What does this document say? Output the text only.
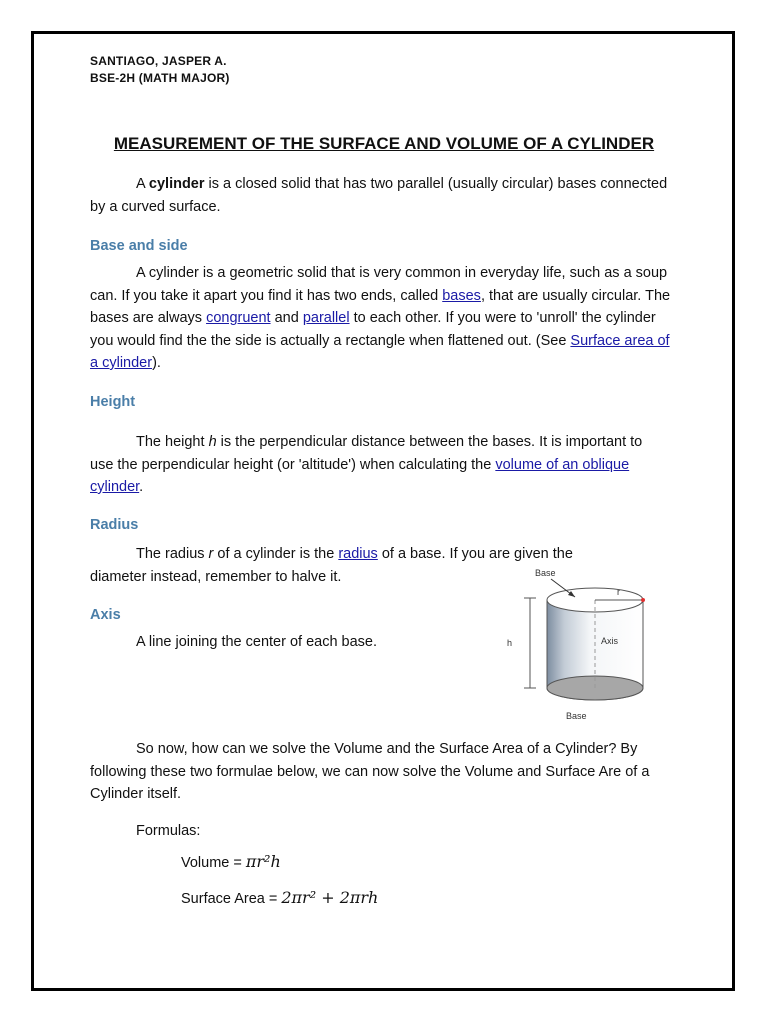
SANTIAGO, JASPER A.
BSE-2H (MATH MAJOR)
MEASUREMENT OF THE SURFACE AND VOLUME OF A CYLINDER

A cylinder is a closed solid that has two parallel (usually circular) bases connected by a curved surface.

Base and side

A cylinder is a geometric solid that is very common in everyday life, such as a soup can. If you take it apart you find it has two ends, called bases, that are usually circular. The bases are always congruent and parallel to each other. If you were to 'unroll' the cylinder you would find the the side is actually a rectangle when flattened out. (See Surface area of a cylinder).

Height

The height h is the perpendicular distance between the bases. It is important to use the perpendicular height (or 'altitude') when calculating the volume of an oblique cylinder.

Radius

The radius r of a cylinder is the radius of a base. If you are given the

diameter instead, remember to halve it.

Axis

A line joining the center of each base.

Base
r
h	Axis
Base

So now, how can we solve the Volume and the Surface Area of a Cylinder? By following these two formulae below, we can now solve the Volume and Surface Are of a Cylinder itself.

Formulas:
Volume = πr²h
Surface Area = 2πr² + 2πrh
